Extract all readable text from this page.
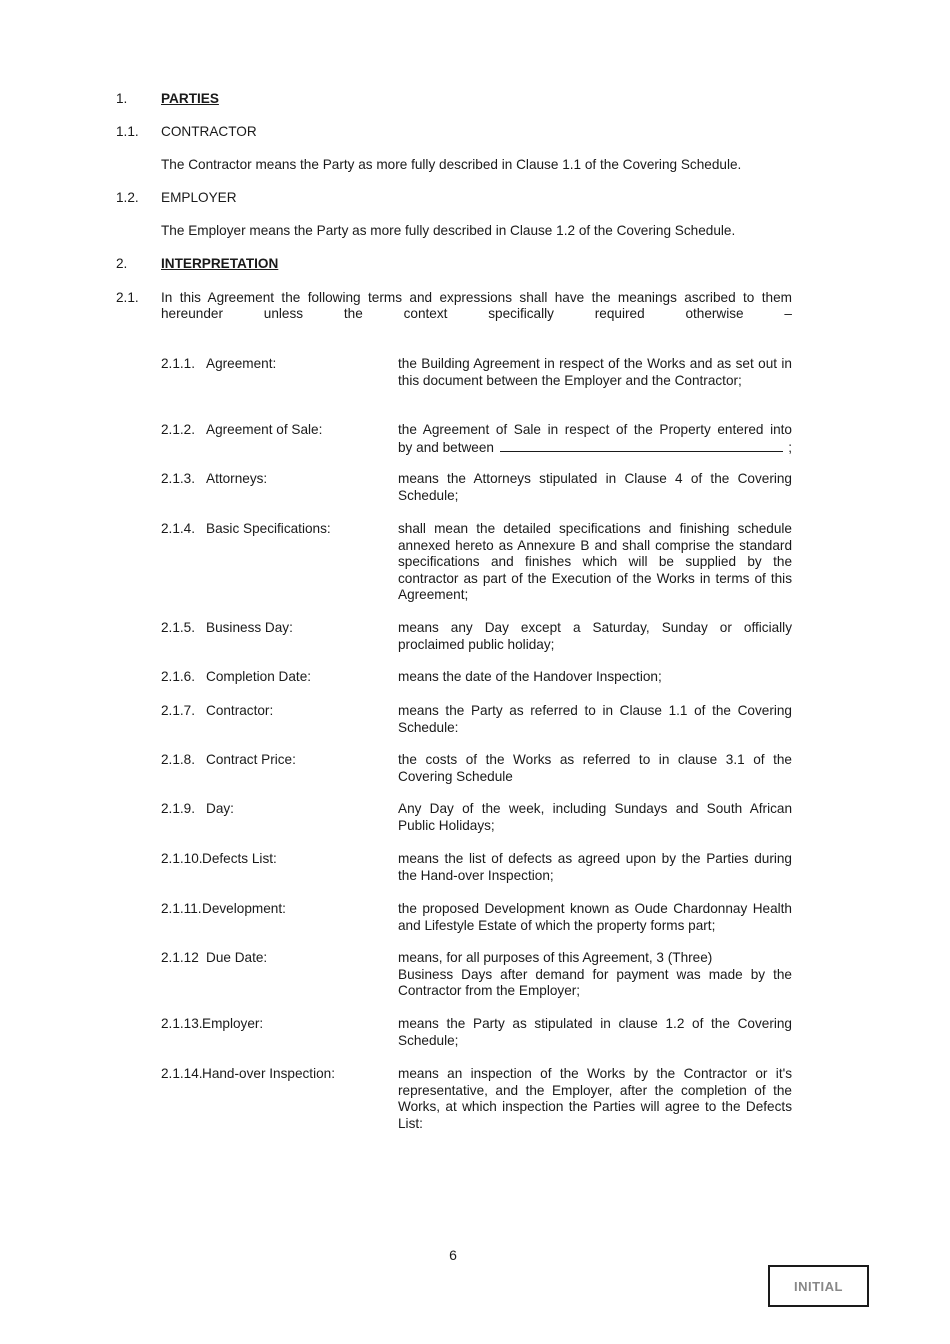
1. PARTIES
1.1. CONTRACTOR
The Contractor means the Party as more fully described in Clause 1.1 of the Covering Schedule.
1.2. EMPLOYER
The Employer means the Party as more fully described in Clause 1.2 of the Covering Schedule.
2. INTERPRETATION
2.1. In this Agreement the following terms and expressions shall have the meanings ascribed to them
hereunder unless the context specifically required otherwise –
2.1.1. Agreement:	the Building Agreement in respect of the Works and as set out in this document between the Employer and the Contractor;
2.1.2. Agreement of Sale:	the Agreement of Sale in respect of the Property entered into
by and between	;
2.1.3. Attorneys:	means the Attorneys stipulated in Clause 4 of the Covering Schedule;
2.1.4. Basic Specifications:	shall mean the detailed specifications and finishing schedule annexed hereto as Annexure B and shall comprise the standard specifications and finishes which will be supplied by the contractor as part of the Execution of the Works in terms of this Agreement;
2.1.5. Business Day:	means any Day except a Saturday, Sunday or officially proclaimed public holiday;
2.1.6. Completion Date:	means the date of the Handover Inspection;
2.1.7. Contractor:	means the Party as referred to in Clause 1.1 of the Covering Schedule:
2.1.8. Contract Price:	the costs of the Works as referred to in clause 3.1 of the Covering Schedule
2.1.9. Day:	Any Day of the week, including Sundays and South African Public Holidays;
2.1.10. Defects List:	means the list of defects as agreed upon by the Parties during the Hand-over Inspection;
2.1.11. Development:	the proposed Development known as Oude Chardonnay Health and Lifestyle Estate of which the property forms part;
2.1.12 Due Date:	means, for all purposes of this Agreement, 3 (Three)
Business Days after demand for payment was made by the Contractor from the Employer;
2.1.13. Employer:	means the Party as stipulated in clause 1.2 of the Covering Schedule;
2.1.14. Hand-over Inspection:	means an inspection of the Works by the Contractor or it's representative, and the Employer, after the completion of the Works, at which inspection the Parties will agree to the Defects List:
6
INITIAL
